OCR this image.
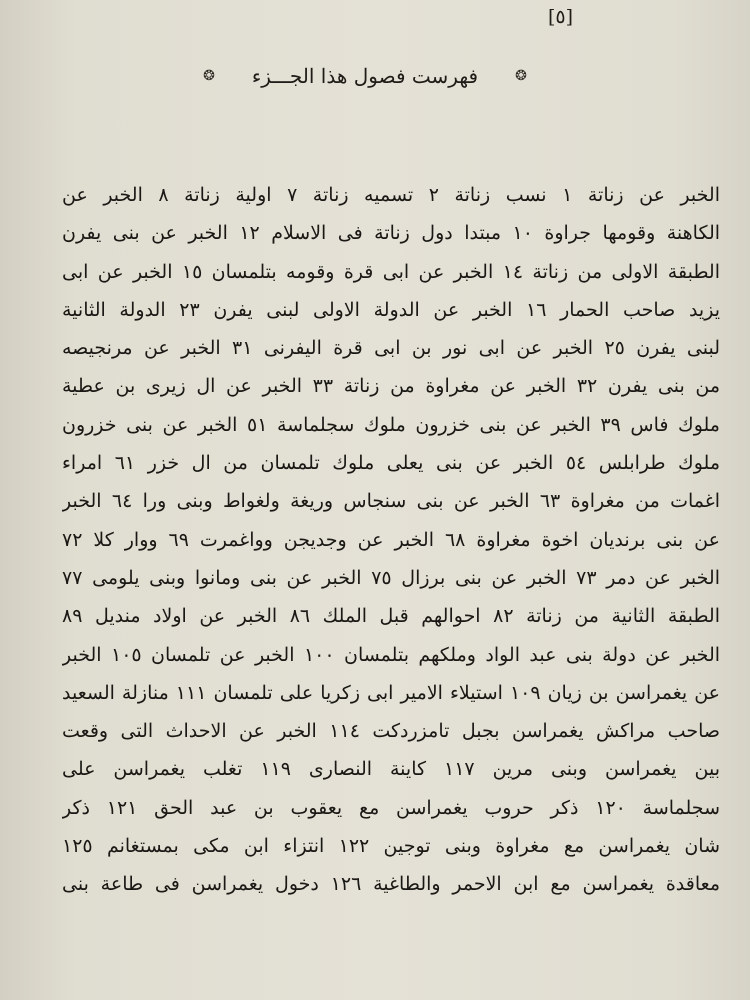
[٥]
❂ فهرست فصول هذا الجـــزء	❂
الخبر عن زناتة ١ نسب زناتة ٢ تسميه زناتة ٧ اولية زناتة ٨ الخبر عن
الكاهنة وقومها جراوة ١٠ مبتدا دول زناتة فى الاسلام ١٢ الخبر عن بنى يفرن
الطبقة الاولى من زناتة ١٤ الخبر عن ابى قرة وقومه بتلمسان ١٥ الخبر عن ابى
يزيد صاحب الحمار ١٦ الخبر عن الدولة الاولى لبنى يفرن ٢٣ الدولة الثانية
لبنى يفرن ٢٥ الخبر عن ابى نور بن ابى قرة اليفرنى ٣١ الخبر عن مرنجيصه
من بنى يفرن ٣٢ الخبر عن مغراوة من زناتة ٣٣ الخبر عن ال زيرى بن عطية
ملوك فاس ٣٩ الخبر عن بنى خزرون ملوك سجلماسة ٥١ الخبر عن بنى خزرون
ملوك طرابلس ٥٤ الخبر عن بنى يعلى ملوك تلمسان من ال خزر ٦١ امراء
اغمات من مغراوة ٦٣ الخبر عن بنى سنجاس وريغة ولغواط وبنى ورا ٦٤ الخبر
عن بنى برنديان اخوة مغراوة ٦٨ الخبر عن وجديجن وواغمرت ٦٩ ووار كلا ٧٢
الخبر عن دمر ٧٣ الخبر عن بنى برزال ٧٥ الخبر عن بنى ومانوا وبنى يلومى ٧٧
الطبقة الثانية من زناتة ٨٢ احوالهم قبل الملك ٨٦ الخبر عن اولاد منديل ٨٩
الخبر عن دولة بنى عبد الواد وملكهم بتلمسان ١٠٠ الخبر عن تلمسان ١٠٥ الخبر
عن يغمراسن بن زيان ١٠٩ استيلاء الامير ابى زكريا على تلمسان ١١١ منازلة السعيد
صاحب مراكش يغمراسن بجبل تامزردكت ١١٤ الخبر عن الاحداث التى وقعت
بين يغمراسن وبنى مرين ١١٧ كاينة النصارى ١١٩ تغلب يغمراسن على
سجلماسة ١٢٠ ذكر حروب يغمراسن مع يعقوب بن عبد الحق ١٢١ ذكر
شان يغمراسن مع مغراوة وبنى توجين ١٢٢ انتزاء ابن مكى بمستغانم ١٢٥
معاقدة يغمراسن مع ابن الاحمر والطاغية ١٢٦ دخول يغمراسن فى طاعة بنى
